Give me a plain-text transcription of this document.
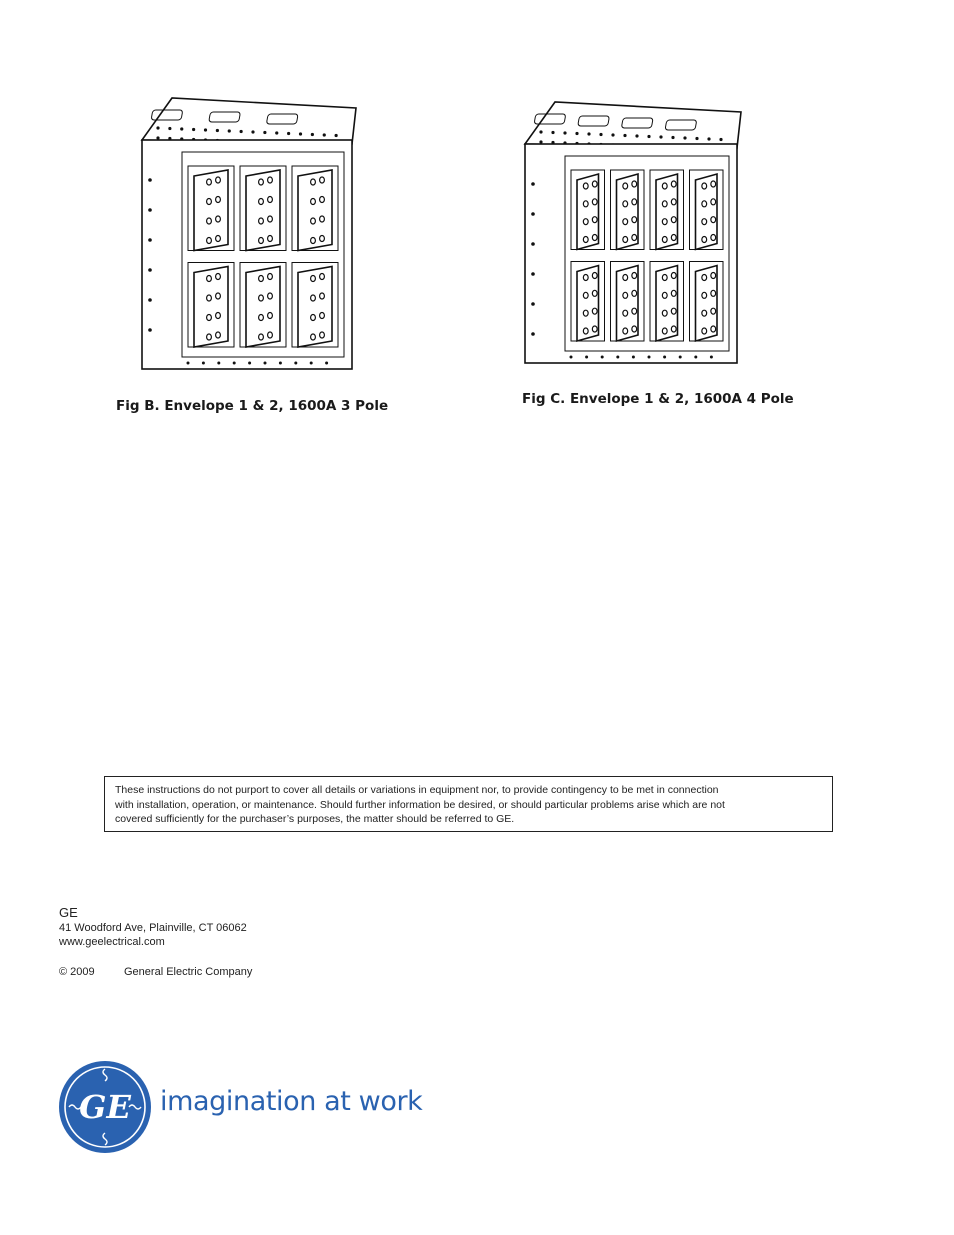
Fig B. Envelope 1 & 2, 1600A 3 Pole	Fig C. Envelope 1 & 2, 1600A 4 Pole
These instructions do not purport to cover all details or variations in equipment nor, to provide contingency to be met in connection
with installation, operation, or maintenance. Should further information be desired, or should particular problems arise which are not
covered sufficiently for the purchaser’s purposes, the matter should be referred to GE.
GE
41 Woodford Ave, Plainville, CT 06062
www.geelectrical.com
© 2009	General Electric Company
GE imagination at work
